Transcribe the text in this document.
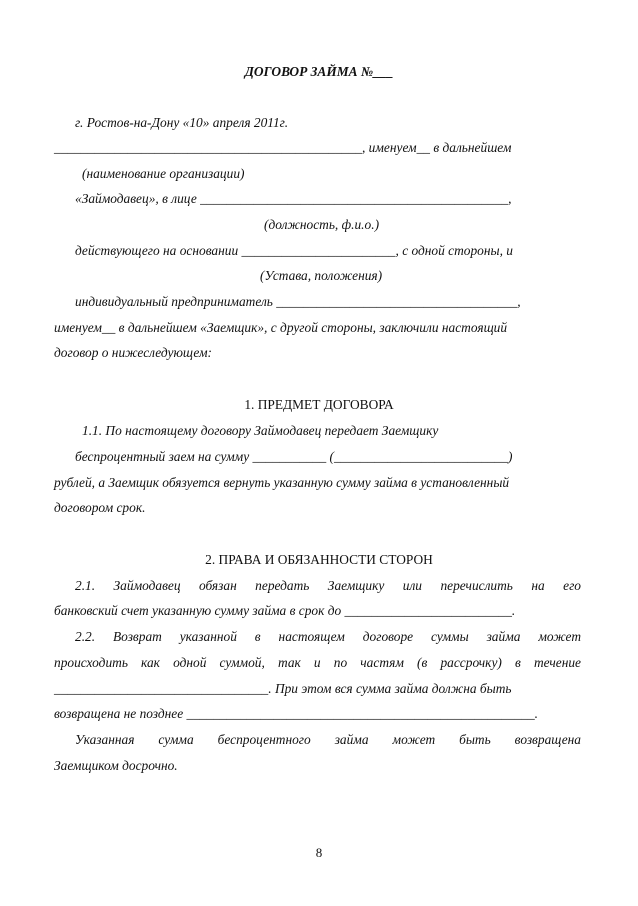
ДОГОВОР ЗАЙМА №___
г. Ростов-на-Дону «10» апреля 2011г.
______________________________________________, именуем__ в дальнейшем
(наименование организации)
«Займодавец», в лице ______________________________________________,
(должность, ф.и.о.)
действующего на основании _______________________, с одной стороны, и
(Устава, положения)
индивидуальный предприниматель ____________________________________,
именуем__ в дальнейшем «Заемщик», с другой стороны, заключили настоящий
договор о нижеследующем:
1. ПРЕДМЕТ ДОГОВОРА
1.1. По настоящему договору Займодавец передает Заемщику
беспроцентный заем на сумму ___________ (__________________________)
рублей, а Заемщик обязуется вернуть указанную сумму займа в установленный
договором срок.
2. ПРАВА И ОБЯЗАННОСТИ СТОРОН
2.1. Займодавец обязан передать Заемщику или перечислить на его
банковский счет указанную сумму займа в срок до _________________________.
2.2. Возврат указанной в настоящем договоре суммы займа может
происходить как одной суммой, так и по частям (в рассрочку) в течение
________________________________. При этом вся сумма займа должна быть
возвращена не позднее ____________________________________________________.
Указанная сумма беспроцентного займа может быть возвращена
Заемщиком досрочно.
8
